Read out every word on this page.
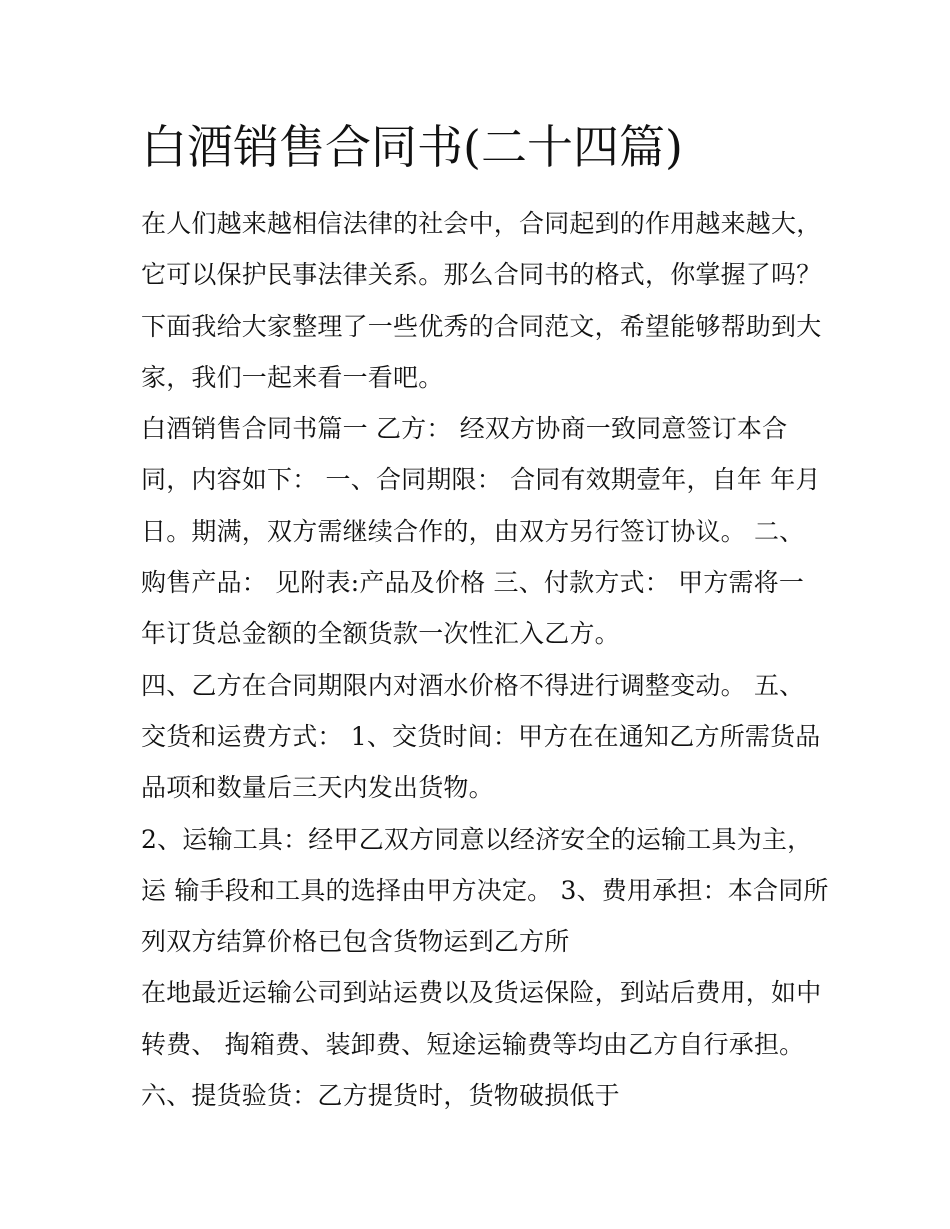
白酒销售合同书(二十四篇)
在人们越来越相信法律的社会中，合同起到的作用越来越大，
它可以保护民事法律关系。那么合同书的格式，你掌握了吗？
下面我给大家整理了一些优秀的合同范文，希望能够帮助到大
家，我们一起来看一看吧。
白酒销售合同书篇一 乙方： 经双方协商一致同意签订本合
同，内容如下： 一、合同期限： 合同有效期壹年，自年 年月
日。期满，双方需继续合作的，由双方另行签订协议。 二、
购售产品： 见附表:产品及价格 三、付款方式： 甲方需将一
年订货总金额的全额货款一次性汇入乙方。
四、乙方在合同期限内对酒水价格不得进行调整变动。 五、
交货和运费方式： 1、交货时间：甲方在在通知乙方所需货品
品项和数量后三天内发出货物。
2、运输工具：经甲乙双方同意以经济安全的运输工具为主，
运 输手段和工具的选择由甲方决定。 3、费用承担：本合同所
列双方结算价格已包含货物运到乙方所
在地最近运输公司到站运费以及货运保险，到站后费用，如中
转费、 掏箱费、装卸费、短途运输费等均由乙方自行承担。
六、提货验货：乙方提货时，货物破损低于
